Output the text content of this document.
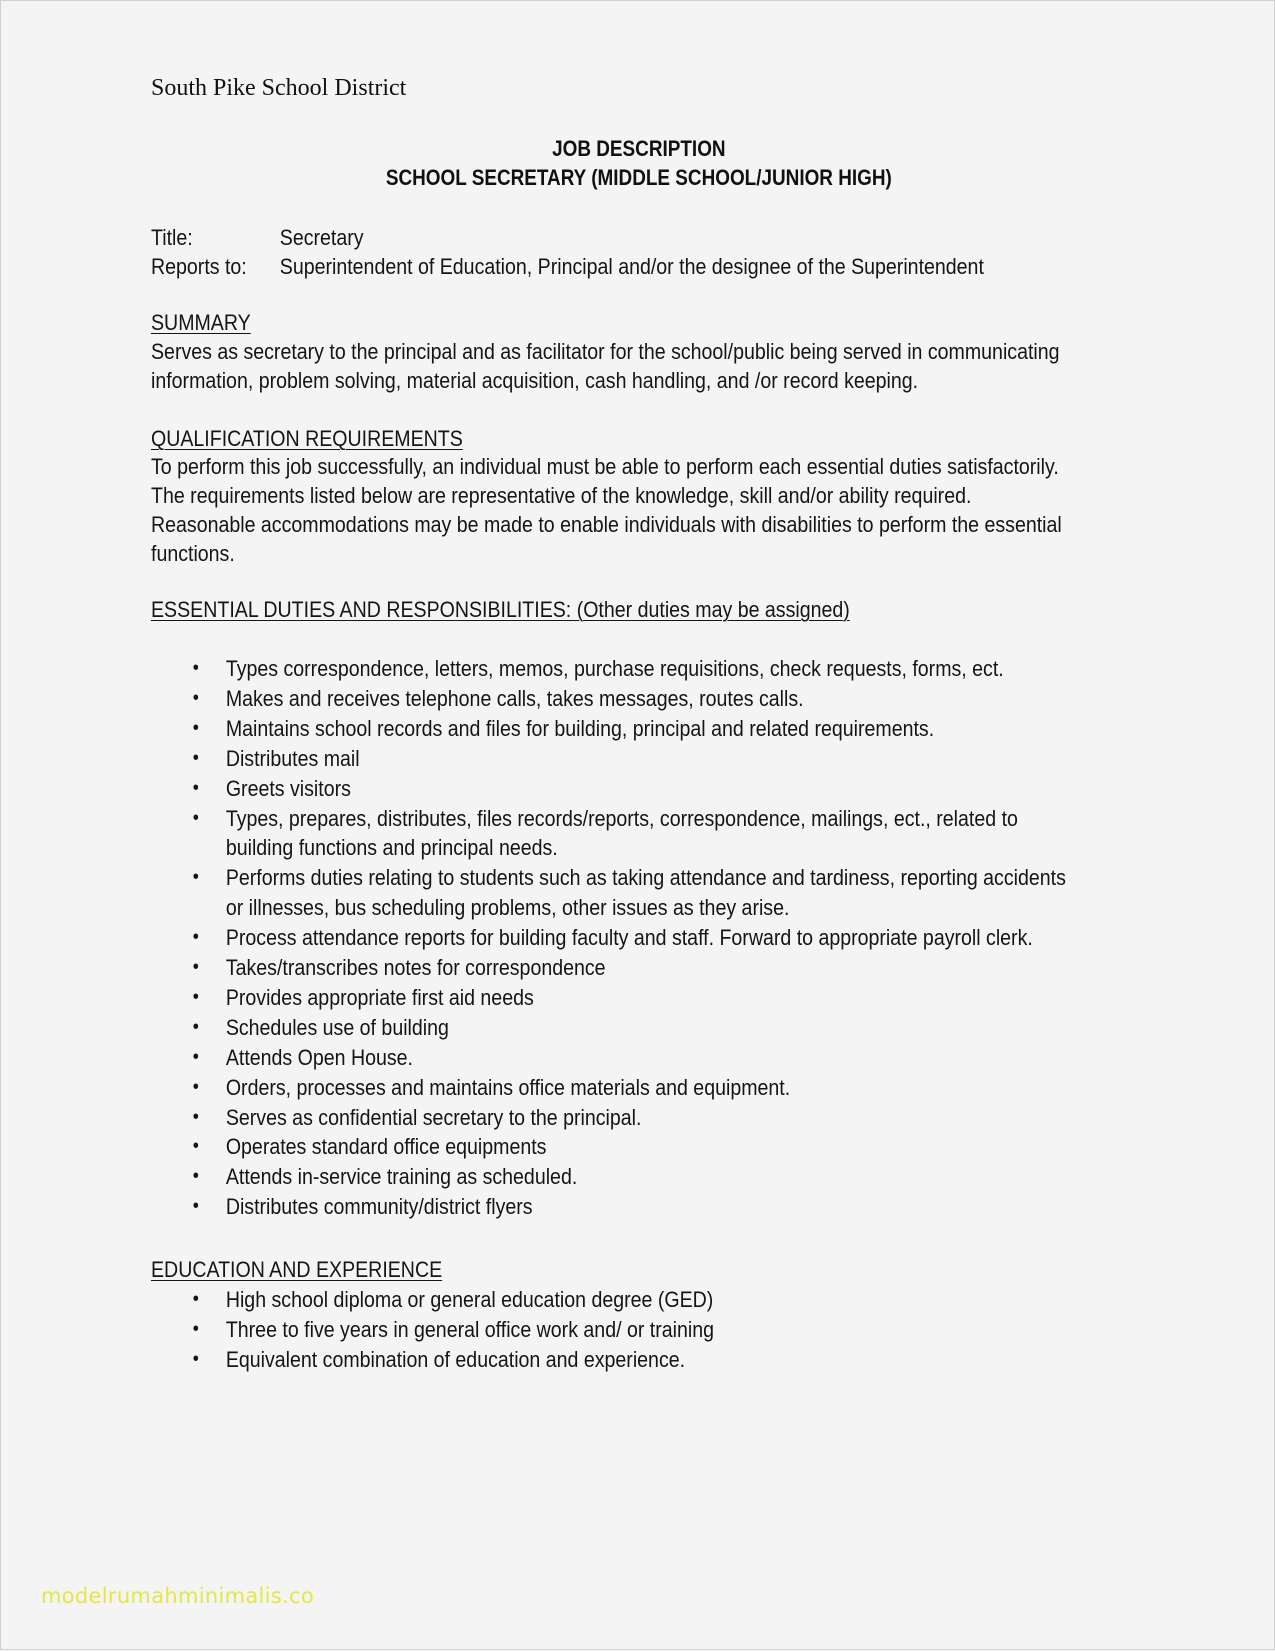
South Pike School District
JOB DESCRIPTION
SCHOOL SECRETARY (MIDDLE SCHOOL/JUNIOR HIGH)
Title:	Secretary
Reports to: Superintendent of Education, Principal and/or the designee of the Superintendent
SUMMARY
Serves as secretary to the principal and as facilitator for the school/public being served in communicating
information, problem solving, material acquisition, cash handling, and /or record keeping.
QUALIFICATION REQUIREMENTS
To perform this job successfully, an individual must be able to perform each essential duties satisfactorily.
The requirements listed below are representative of the knowledge, skill and/or ability required.
Reasonable accommodations may be made to enable individuals with disabilities to perform the essential
functions.
ESSENTIAL DUTIES AND RESPONSIBILITIES: (Other duties may be assigned)
• Types correspondence, letters, memos, purchase requisitions, check requests, forms, ect.
• Makes and receives telephone calls, takes messages, routes calls.
• Maintains school records and files for building, principal and related requirements.
• Distributes mail
• Greets visitors
• Types, prepares, distributes, files records/reports, correspondence, mailings, ect., related to
building functions and principal needs.
• Performs duties relating to students such as taking attendance and tardiness, reporting accidents
or illnesses, bus scheduling problems, other issues as they arise.
• Process attendance reports for building faculty and staff. Forward to appropriate payroll clerk.
• Takes/transcribes notes for correspondence
• Provides appropriate first aid needs
• Schedules use of building
• Attends Open House.
• Orders, processes and maintains office materials and equipment.
• Serves as confidential secretary to the principal.
• Operates standard office equipments
• Attends in-service training as scheduled.
• Distributes community/district flyers
EDUCATION AND EXPERIENCE
• High school diploma or general education degree (GED)
• Three to five years in general office work and/ or training
• Equivalent combination of education and experience.
modelrumahminimalis.co
